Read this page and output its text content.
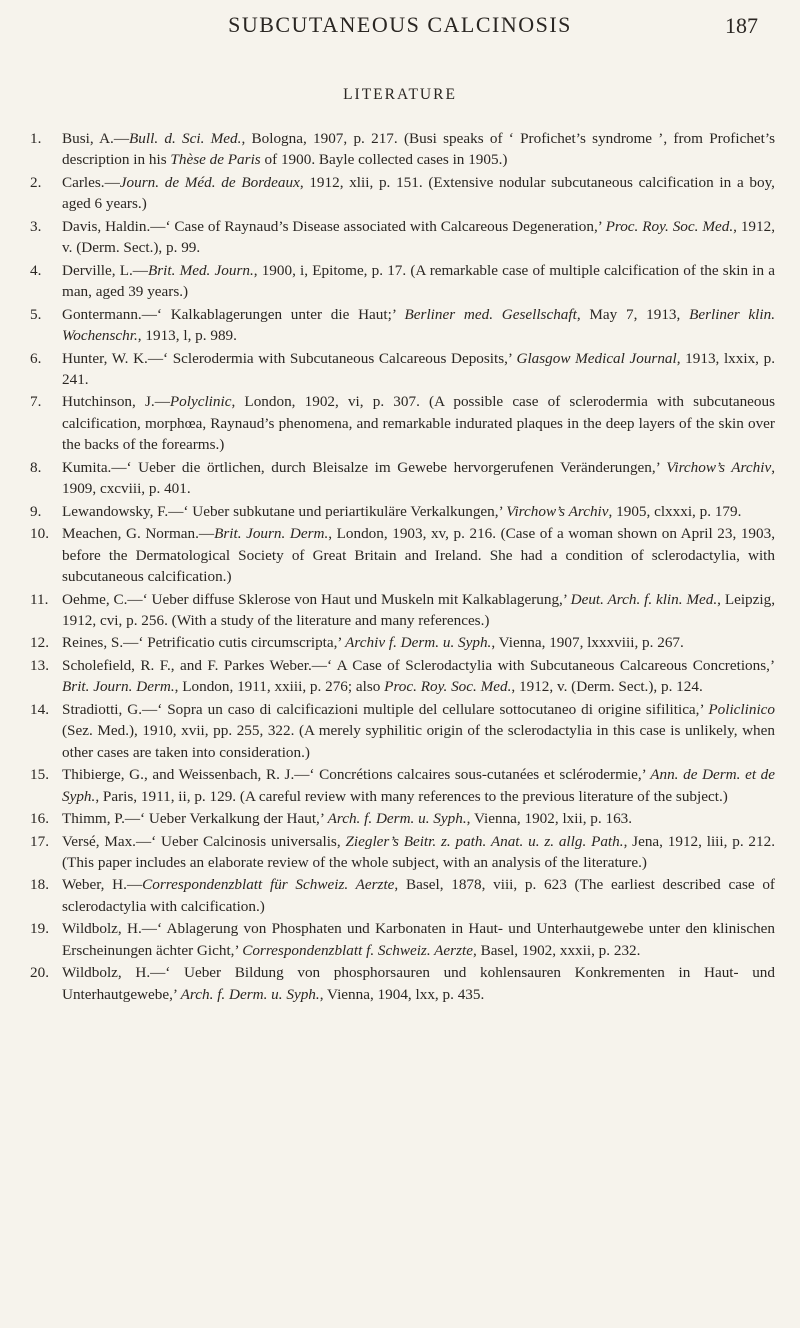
SUBCUTANEOUS CALCINOSIS	187
LITERATURE
1.	Busi, A.—Bull. d. Sci. Med., Bologna, 1907, p. 217. (Busi speaks of ‘ Profichet’s syndrome ’, from Profichet’s description in his Thèse de Paris of 1900. Bayle collected cases in 1905.)
2.	Carles.—Journ. de Méd. de Bordeaux, 1912, xlii, p. 151. (Extensive nodular subcutaneous calcification in a boy, aged 6 years.)
3.	Davis, Haldin.—‘ Case of Raynaud’s Disease associated with Calcareous Degeneration,’ Proc. Roy. Soc. Med., 1912, v. (Derm. Sect.), p. 99.
4.	Derville, L.—Brit. Med. Journ., 1900, i, Epitome, p. 17. (A remarkable case of multiple calcification of the skin in a man, aged 39 years.)
5.	Gontermann.—‘ Kalkablagerungen unter die Haut;’ Berliner med. Gesellschaft, May 7, 1913, Berliner klin. Wochenschr., 1913, l, p. 989.
6.	Hunter, W. K.—‘ Sclerodermia with Subcutaneous Calcareous Deposits,’ Glasgow Medical Journal, 1913, lxxix, p. 241.
7.	Hutchinson, J.—Polyclinic, London, 1902, vi, p. 307. (A possible case of sclerodermia with subcutaneous calcification, morphœa, Raynaud’s phenomena, and remarkable indurated plaques in the deep layers of the skin over the backs of the forearms.)
8.	Kumita.—‘ Ueber die örtlichen, durch Bleisalze im Gewebe hervorgerufenen Veränderungen,’ Virchow’s Archiv, 1909, cxcviii, p. 401.
9.	Lewandowsky, F.—‘ Ueber subkutane und periartikuläre Verkalkungen,’ Virchow’s Archiv, 1905, clxxxi, p. 179.
10. Meachen, G. Norman.—Brit. Journ. Derm., London, 1903, xv, p. 216. (Case of a woman shown on April 23, 1903, before the Dermatological Society of Great Britain and Ireland. She had a condition of sclerodactylia, with subcutaneous calcification.)
11. Oehme, C.—‘ Ueber diffuse Sklerose von Haut und Muskeln mit Kalkablagerung,’ Deut. Arch. f. klin. Med., Leipzig, 1912, cvi, p. 256. (With a study of the literature and many references.)
12. Reines, S.—‘ Petrificatio cutis circumscripta,’ Archiv f. Derm. u. Syph., Vienna, 1907, lxxxviii, p. 267.
13. Scholefield, R. F., and F. Parkes Weber.—‘ A Case of Sclerodactylia with Subcutaneous Calcareous Concretions,’ Brit. Journ. Derm., London, 1911, xxiii, p. 276; also Proc. Roy. Soc. Med., 1912, v. (Derm. Sect.), p. 124.
14. Stradiotti, G.—‘ Sopra un caso di calcificazioni multiple del cellulare sottocutaneo di origine sifilitica,’ Policlinico (Sez. Med.), 1910, xvii, pp. 255, 322. (A merely syphilitic origin of the sclerodactylia in this case is unlikely, when other cases are taken into consideration.)
15. Thibierge, G., and Weissenbach, R. J.—‘ Concrétions calcaires sous-cutanées et sclérodermie,’ Ann. de Derm. et de Syph., Paris, 1911, ii, p. 129. (A careful review with many references to the previous literature of the subject.)
16. Thimm, P.—‘ Ueber Verkalkung der Haut,’ Arch. f. Derm. u. Syph., Vienna, 1902, lxii, p. 163.
17. Versé, Max.—‘ Ueber Calcinosis universalis, Ziegler’s Beitr. z. path. Anat. u. z. allg. Path., Jena, 1912, liii, p. 212. (This paper includes an elaborate review of the whole subject, with an analysis of the literature.)
18. Weber, H.—Correspondenzblatt für Schweiz. Aerzte, Basel, 1878, viii, p. 623 (The earliest described case of sclerodactylia with calcification.)
19. Wildbolz, H.—‘ Ablagerung von Phosphaten und Karbonaten in Haut- und Unterhautgewebe unter den klinischen Erscheinungen ächter Gicht,’ Correspondenzblatt f. Schweiz. Aerzte, Basel, 1902, xxxii, p. 232.
20. Wildbolz, H.—‘ Ueber Bildung von phosphorsauren und kohlensauren Konkrementen in Haut- und Unterhautgewebe,’ Arch. f. Derm. u. Syph., Vienna, 1904, lxx, p. 435.
